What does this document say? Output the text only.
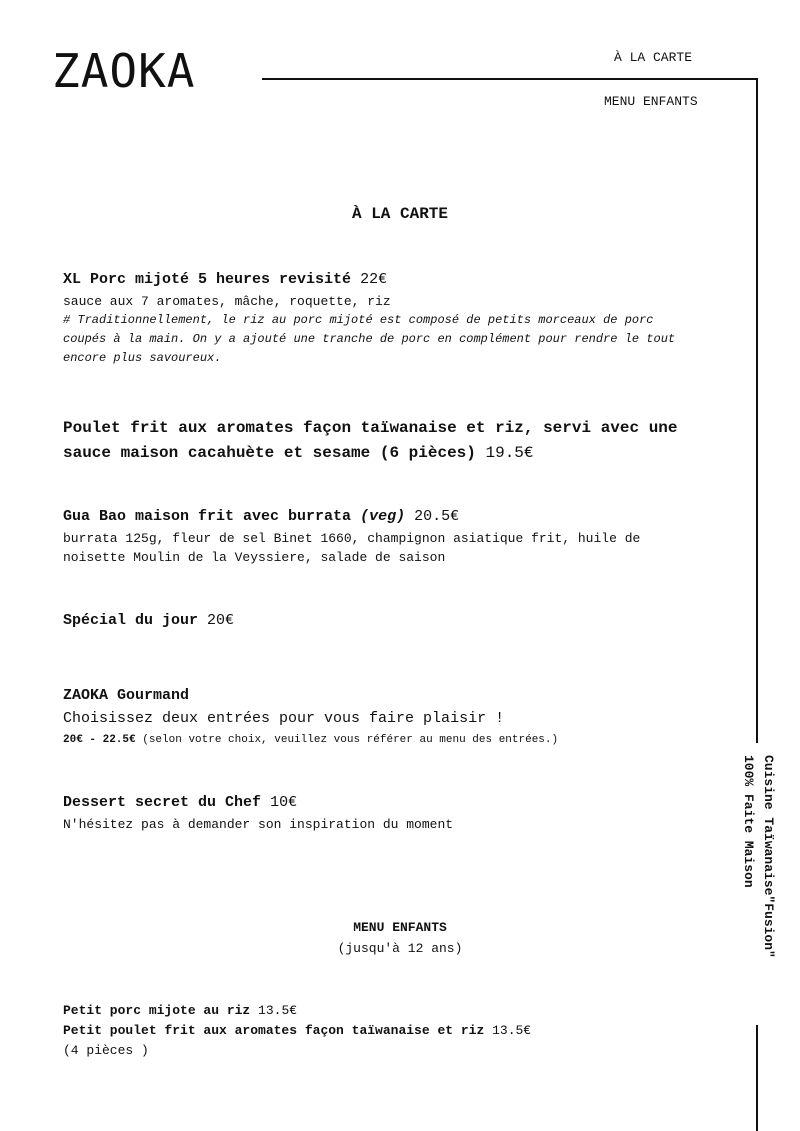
ZAOKA	À LA CARTE
MENU ENFANTS
Cuisine Taïwanaise"Fusion"
100% Faite Maison
À LA CARTE
XL Porc mijoté 5 heures revisité 22€
sauce aux 7 aromates, mâche, roquette, riz
# Traditionnellement, le riz au porc mijoté est composé de petits morceaux de porc coupés à la main. On y a ajouté une tranche de porc en complément pour rendre le tout encore plus savoureux.
Poulet frit aux aromates façon taïwanaise et riz, servi avec une sauce maison cacahuète et sesame (6 pièces) 19.5€
Gua Bao maison frit avec burrata (veg) 20.5€
burrata 125g, fleur de sel Binet 1660, champignon asiatique frit, huile de noisette Moulin de la Veyssiere, salade de saison
Spécial du jour 20€
ZAOKA Gourmand
Choisissez deux entrées pour vous faire plaisir !
20€ - 22.5€ (selon votre choix, veuillez vous référer au menu des entrées.)
Dessert secret du Chef 10€
N'hésitez pas à demander son inspiration du moment
MENU ENFANTS
(jusqu'à 12 ans)
Petit porc mijote au riz 13.5€
Petit poulet frit aux aromates façon taïwanaise et riz 13.5€
(4 pièces )
